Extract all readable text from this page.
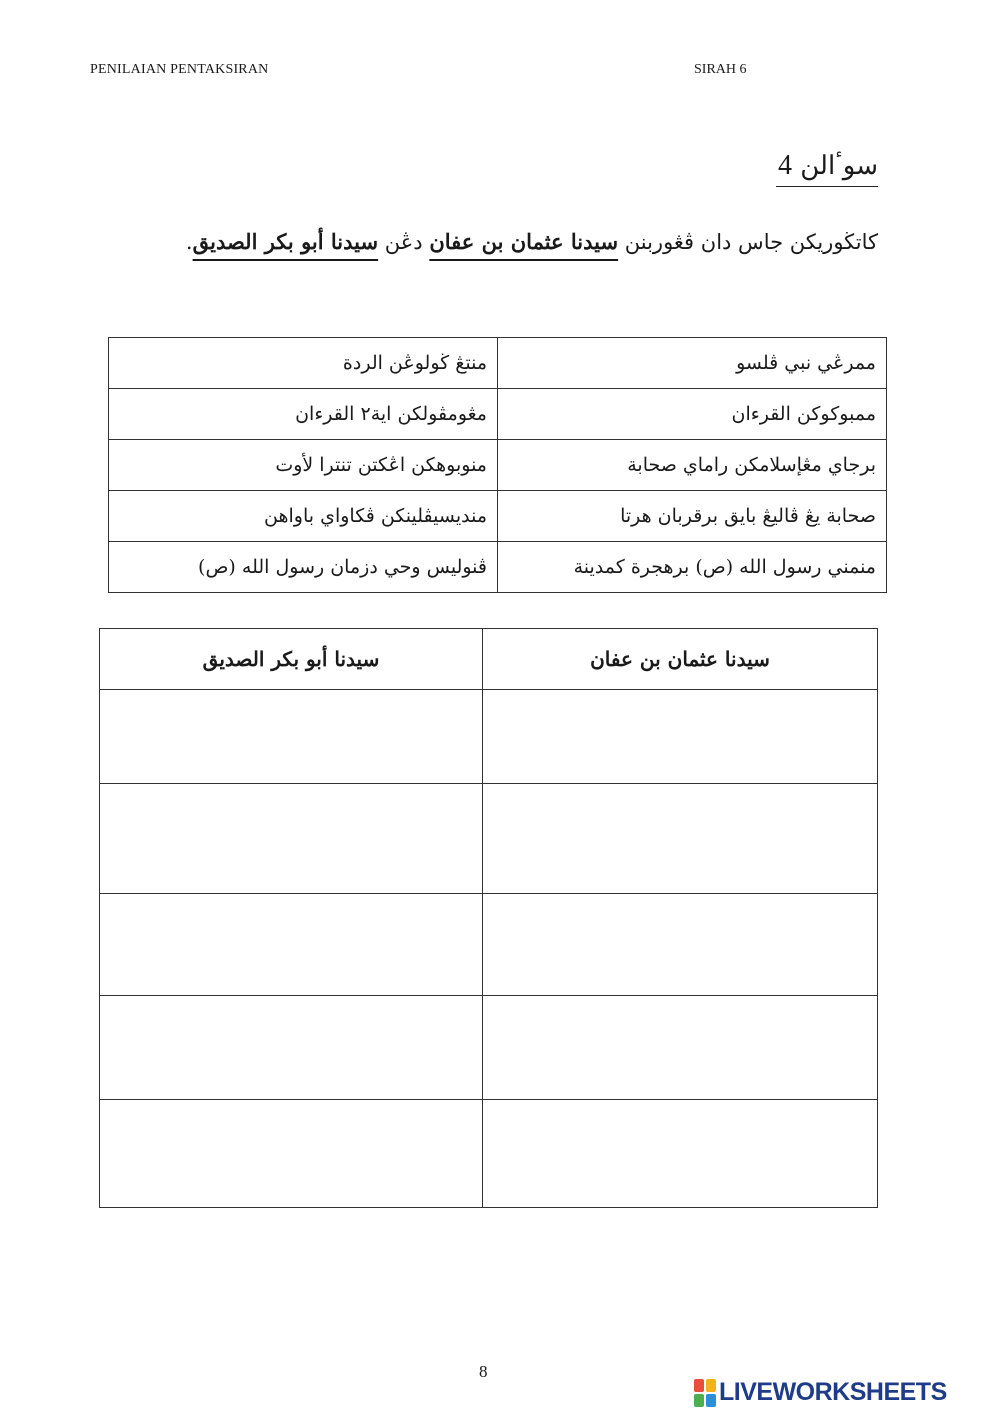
PENILAIAN PENTAKSIRAN	SIRAH 6
سوٴالن 4
كاتڬوريكن جاس دان ڤڠوربنن سيدنا عثمان بن عفان دڠن سيدنا أبو بكر الصديق.
ممرڠي نبي ڤلسو	منتڠ ڬولوڠن الردة
ممبوكوكن القرءان	مڠومڤولكن اية٢ القرءان
برجاي مڠإسلامكن راماي صحابة	منوبوهكن اڠكتن تنترا لأوت
صحابة يڠ ڤاليڠ بايق برقربان هرتا	منديسيڤلينكن ڤكاواي باواهن
منمني رسول الله (ص) برهجرة كمدينة	ڤنوليس وحي دزمان رسول الله (ص)
سيدنا عثمان بن عفان	سيدنا أبو بكر الصديق

8
LIVEWORKSHEETS
